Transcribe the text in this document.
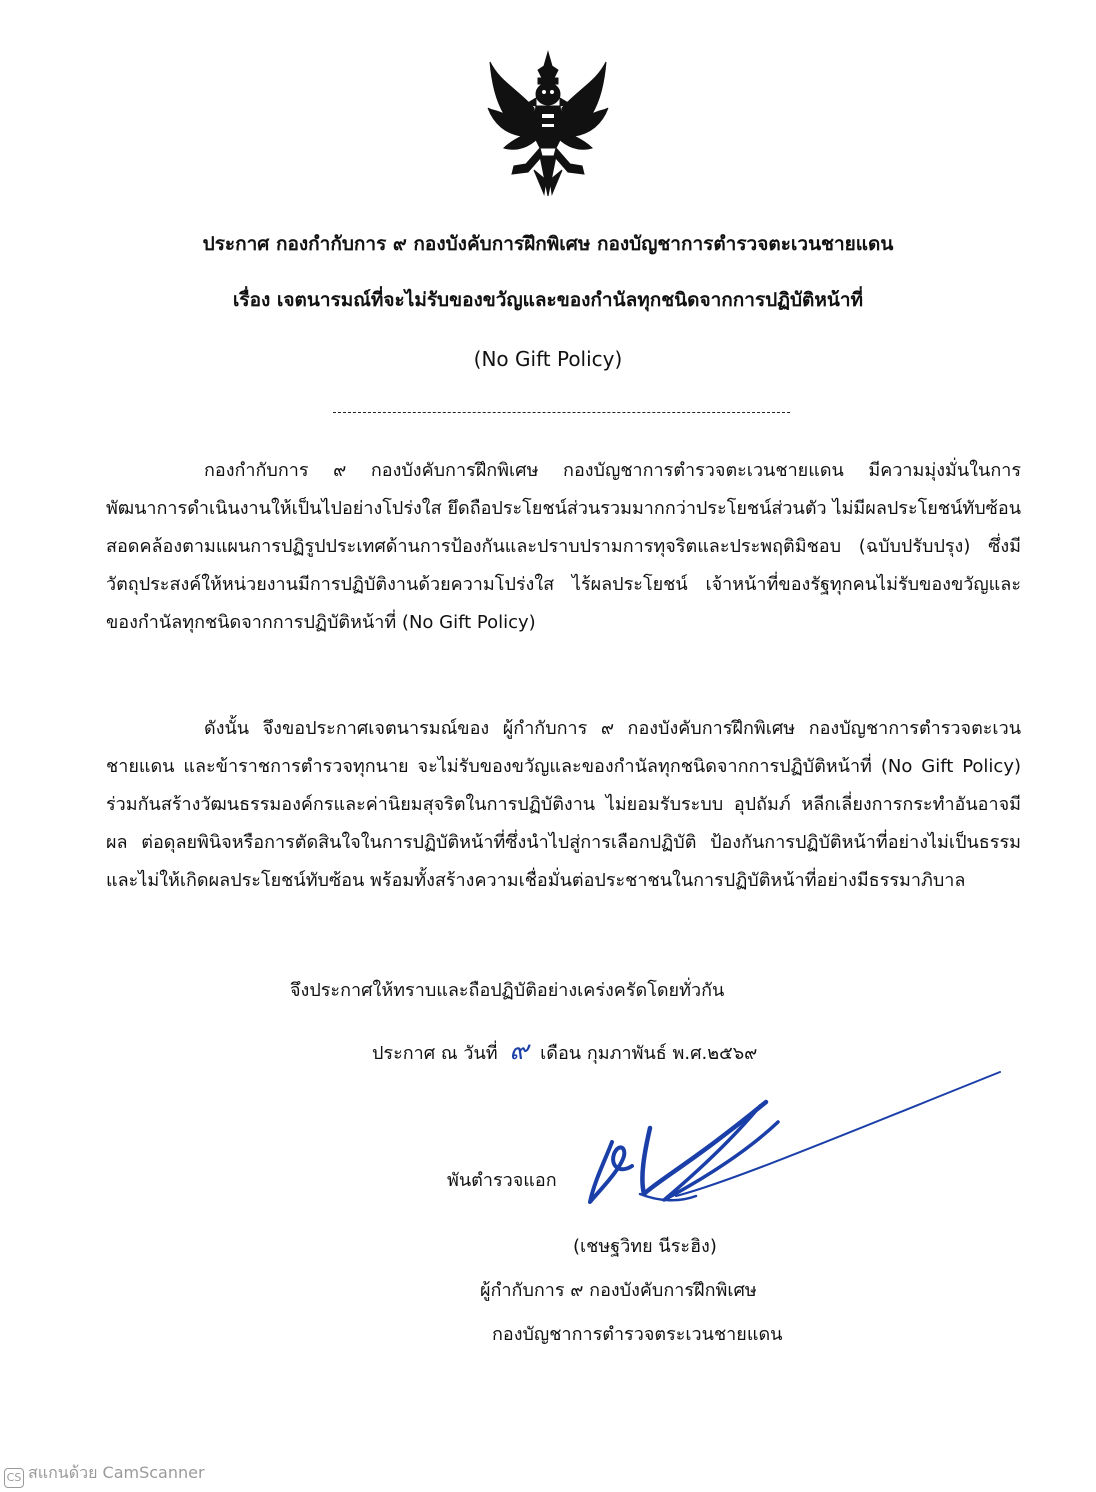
ประกาศ กองกำกับการ ๙ กองบังคับการฝึกพิเศษ กองบัญชาการตำรวจตะเวนชายแดน
เรื่อง เจตนารมณ์ที่จะไม่รับของขวัญและของกำนัลทุกชนิดจากการปฏิบัติหน้าที่
(No Gift Policy)
กองกำกับการ ๙ กองบังคับการฝึกพิเศษ กองบัญชาการตำรวจตะเวนชายแดน มีความมุ่งมั่นในการพัฒนาการดำเนินงานให้เป็นไปอย่างโปร่งใส ยึดถือประโยชน์ส่วนรวมมากกว่าประโยชน์ส่วนตัว ไม่มีผลประโยชน์ทับซ้อน สอดคล้องตามแผนการปฏิรูปประเทศด้านการป้องกันและปราบปรามการทุจริตและประพฤติมิชอบ (ฉบับปรับปรุง) ซึ่งมีวัตถุประสงค์ให้หน่วยงานมีการปฏิบัติงานด้วยความโปร่งใส ไร้ผลประโยชน์ เจ้าหน้าที่ของรัฐทุกคนไม่รับของขวัญและของกำนัลทุกชนิดจากการปฏิบัติหน้าที่ (No Gift Policy)
ดังนั้น จึงขอประกาศเจตนารมณ์ของ ผู้กำกับการ ๙ กองบังคับการฝึกพิเศษ กองบัญชาการตำรวจตะเวนชายแดน และข้าราชการตำรวจทุกนาย จะไม่รับของขวัญและของกำนัลทุกชนิดจากการปฏิบัติหน้าที่ (No Gift Policy) ร่วมกันสร้างวัฒนธรรมองค์กรและค่านิยมสุจริตในการปฏิบัติงาน ไม่ยอมรับระบบ อุปถัมภ์ หลีกเลี่ยงการกระทำอันอาจมีผล ต่อดุลยพินิจหรือการตัดสินใจในการปฏิบัติหน้าที่ซึ่งนำไปสู่การเลือกปฏิบัติ ป้องกันการปฏิบัติหน้าที่อย่างไม่เป็นธรรม และไม่ให้เกิดผลประโยชน์ทับซ้อน พร้อมทั้งสร้างความเชื่อมั่นต่อประชาชนในการปฏิบัติหน้าที่อย่างมีธรรมาภิบาล
จึงประกาศให้ทราบและถือปฏิบัติอย่างเคร่งครัดโดยทั่วกัน
ประกาศ ณ วันที่ ๙ เดือน กุมภาพันธ์ พ.ศ.๒๕๖๙
พันตำรวจแอก
(เชษฐวิทย นีระฮิง)
ผู้กำกับการ ๙ กองบังคับการฝึกพิเศษ
กองบัญชาการตำรวจตระเวนชายแดน
CS สแกนด้วย CamScanner
